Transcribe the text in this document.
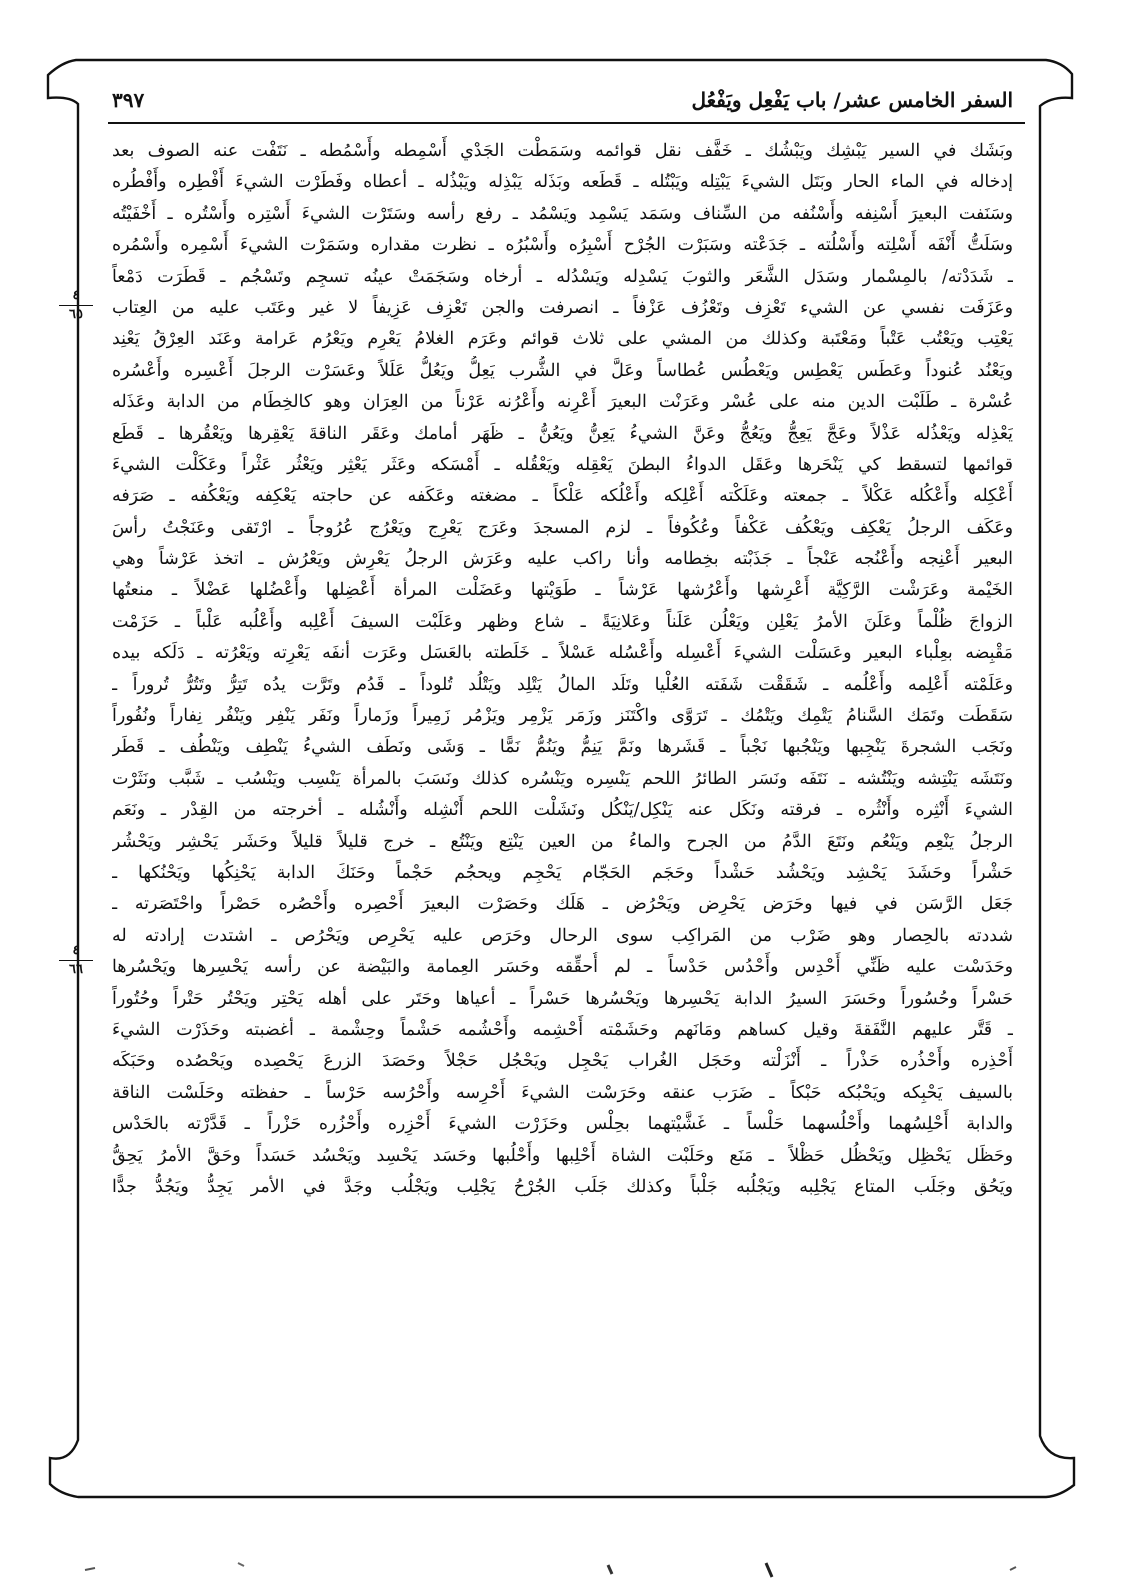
السفر الخامس عشر/ باب يَفْعِل ويَفْعُل
٣٩٧
٤
٦٥
٤
٦٦
وبَشَك في السير يَبْشِك ويَبْشُك ـ خَفَّف نقل قوائمه وسَمَطْت الجَدْي أَسْمِطه وأَسْمُطه ـ نَتَفْت عنه الصوف بعد
إدخاله في الماء الحار وبَتَل الشيءَ يَبْتِله ويَبْتُله ـ قَطَعه وبَذَله يَبْذِله ويَبْذُله ـ أعطاه وفَطَرْت الشيءَ أَفْطِره وأَفْطُره
وسَنَفت البعيرَ أَسْنِفه وأَسْنُفه من السِّناف وسَمَد يَسْمِد ويَسْمُد ـ رفع رأسه وسَتَرْت الشيءَ أَسْتِره وأَسْتُره ـ أَخْفَيْتُه
وسَلَتُّ أَنْفَه أَسْلِته وأَسْلُته ـ جَدَعْته وسَبَرْت الجُرْح أَسْبِرُه وأَسْبُرُه ـ نظرت مقداره وسَمَرْت الشيءَ أَسْمِره وأَسْمُره
ـ شَدَدْته/ بالمِسْمار وسَدَل الشَّعَر والثوبَ يَسْدِله ويَسْدُله ـ أرخاه وسَجَمَتْ عينُه تسجِم وتَسْجُم ـ قَطَرَت دَمْعاً
وعَزَفَت نفسي عن الشيء تَعْزِف وتَعْزُف عَزْفاً ـ انصرفت والجن تَعْزِف عَزِيفاً لا غير وعَتَب عليه من العِتاب
يَعْتِب ويَعْتُب عَتْباً ومَعْتَبة وكذلك من المشي على ثلاث قوائم وعَرَم الغلامُ يَعْرِم ويَعْرُم عَرامة وعَنَد العِرْقُ يَعْنِد
ويَعْنُد عُنوداً وعَطَس يَعْطِس ويَعْطُس عُطاساً وعَلَّ في الشُّرب يَعِلُّ ويَعُلُّ عَلَلاً وعَسَرْت الرجلَ أَعْسِره وأَعْسُره
عُسْرة ـ طَلَبْت الدين منه على عُسْر وعَرَنْت البعيرَ أَعْرِنه وأَعْرُنه عَرْناً من العِرَان وهو كالخِطَام من الدابة وعَذَله
يَعْذِله ويَعْذُله عَذْلاً وعَجَّ يَعِجُّ ويَعُجُّ وعَنَّ الشيءُ يَعِنُّ ويَعُنُّ ـ ظَهَر أمامك وعَقَر الناقةَ يَعْقِرها ويَعْقُرها ـ قَطَع
قوائمها لتسقط كي يَنْحَرها وعَقَل الدواءُ البطنَ يَعْقِله ويَعْقُله ـ أَمْسَكه وعَثَر يَعْثِر ويَعْثُر عَثْراً وعَكَلْت الشيءَ
أَعْكِله وأَعْكُله عَكْلاً ـ جمعته وعَلَكْته أَعْلِكه وأَعْلُكه عَلْكاً ـ مضغته وعَكَفه عن حاجته يَعْكِفه ويَعْكُفه ـ صَرَفه
وعَكَف الرجلُ يَعْكِف ويَعْكُف عَكْفاً وعُكُوفاً ـ لزم المسجدَ وعَرَج يَعْرِج ويَعْرُج عُرُوجاً ـ ارْتَقى وعَنَجْتُ رأسَ
البعير أَعْنِجه وأَعْنُجه عَنْجاً ـ جَذَبْته بخِطامه وأنا راكب عليه وعَرَش الرجلُ يَعْرِش ويَعْرُش ـ اتخذ عَرْشاً وهي
الخَيْمة وعَرَشْت الرَّكِيَّة أَعْرِشها وأَعْرُشها عَرْشاً ـ طَوَيْتها وعَضَلْت المرأة أَعْضِلها وأَعْضُلها عَضْلاً ـ منعتُها
الزواجَ ظُلْماً وعَلَنَ الأمرُ يَعْلِن ويَعْلُن عَلَناً وعَلانِيَةً ـ شاع وظهر وعَلَبْت السيفَ أَعْلِبه وأَعْلُبه عَلْباً ـ حَزَمْت
مَقْبِضه بعِلْباء البعير وعَسَلْت الشيءَ أَعْسِله وأَعْسُله عَسْلاً ـ خَلَطته بالعَسَل وعَرَت أنفَه يَعْرِته ويَعْرُته ـ دَلَكه بيده
وعَلَمْته أَعْلِمه وأَعْلُمه ـ شَقَقْت شَفَته العُلْيا وتَلَد المالُ يَتْلِد ويَتْلُد تُلوداً ـ قَدُم وتَرَّت يدُه تَتِرُّ وتَتُرُّ تُروراً ـ
سَقَطَت وتَمَك السَّنامُ يَتْمِك ويَتْمُك ـ تَرَوَّى واكْتَنَز وزَمَر يَزْمِر ويَزْمُر زَمِيراً وزَماراً ونَفَر يَنْفِر ويَنْفُر نِفاراً ونُفُوراً
ونَجَب الشجرةَ يَنْجِبها ويَنْجُبها نَجْباً ـ قَشَرها ونَمَّ يَنِمُّ ويَنُمُّ نَمًّا ـ وَشَى ونَطَف الشيءُ يَنْطِف ويَنْطُف ـ قَطَر
ونَتَشَه يَنْتِشه ويَنْتُشه ـ نَتَفَه ونَسَر الطائرُ اللحم يَنْسِره ويَنْسُره كذلك ونَسَبَ بالمرأة يَنْسِب ويَنْسُب ـ شَبَّب ونَثَرْت
الشيءَ أَنْثِره وأَنْثُره ـ فرقته ونَكَل عنه يَنْكِل/يَنْكُل ونَشَلْت اللحم أَنْشِله وأَنْشُله ـ أخرجته من القِدْر ـ ونَعَم
الرجلُ يَنْعِم ويَنْعُم ونَتَعَ الدَّمُ من الجرح والماءُ من العين يَنْتِع ويَنْتُع ـ خرج قليلاً قليلاً وحَشَر يَحْشِر ويَحْشُر
حَشْراً وحَشَدَ يَحْشِد ويَحْشُد حَشْداً وحَجَم الحَجّام يَحْجِم ويحجُم حَجْماً وحَنَكَ الدابة يَحْنِكُها ويَحْنُكها ـ
جَعَل الرَّسَن في فيها وحَرَض يَحْرِض ويَحْرُض ـ هَلَك وحَصَرْت البعيرَ أَحْصِره وأَحْصُره حَصْراً واحْتَصَرته ـ
شددته بالحِصار وهو ضَرْب من المَراكِب سوى الرحال وحَرَص عليه يَحْرِص ويَحْرُص ـ اشتدت إرادته له
وحَدَسْت عليه ظَنِّي أَحْدِس وأَحْدُس حَدْساً ـ لم أُحقِّقه وحَسَر العِمامة والبَيْضة عن رأسه يَحْسِرها ويَحْسُرها
حَسْراً وحُسُوراً وحَسَرَ السيرُ الدابة يَحْسِرها ويَحْسُرها حَسْراً ـ أعياها وحَتَر على أهله يَحْتِر ويَحْتُر حَتْراً وحُتُوراً
ـ قَتَّر عليهم النَّفَقةَ وقيل كساهم ومَانَهم وحَشَمْته أَحْشِمه وأَحْشُمه حَشْماً وحِشْمة ـ أغضبته وحَذَرْت الشيءَ
أَحْذِره وأَحْذُره حَذْراً ـ أَنْزَلْته وحَجَل الغُراب يَحْجِل ويَحْجُل حَجْلاً وحَصَدَ الزرعَ يَحْصِده ويَحْصُده وحَبَكَه
بالسيف يَحْبِكه ويَحْبُكه حَبْكاً ـ ضَرَب عنقه وحَرَسْت الشيءَ أَحْرِسه وأَحْرُسه حَرْساً ـ حفظته وحَلَسْت الناقة
والدابة أَحْلِسُهما وأَحْلُسهما حَلْساً ـ غَشَّيْتهما بحِلْس وحَزَرْت الشيءَ أَحْزِره وأَحْزُره حَزْراً ـ قَدَّرْته بالحَدْس
وحَظَل يَحْظِل ويَحْظُل حَظْلاً ـ مَنَع وحَلَبْت الشاة أَحْلِبها وأَحْلُبها وحَسَد يَحْسِد ويَحْسُد حَسَداً وحَقَّ الأمرُ يَحِقُّ
ويَحُق وجَلَب المتاع يَجْلِبه ويَجْلُبه جَلْباً وكذلك جَلَب الجُرْحُ يَجْلِب ويَجْلُب وجَدَّ في الأمر يَجِدُّ ويَجُدُّ جدًّا
